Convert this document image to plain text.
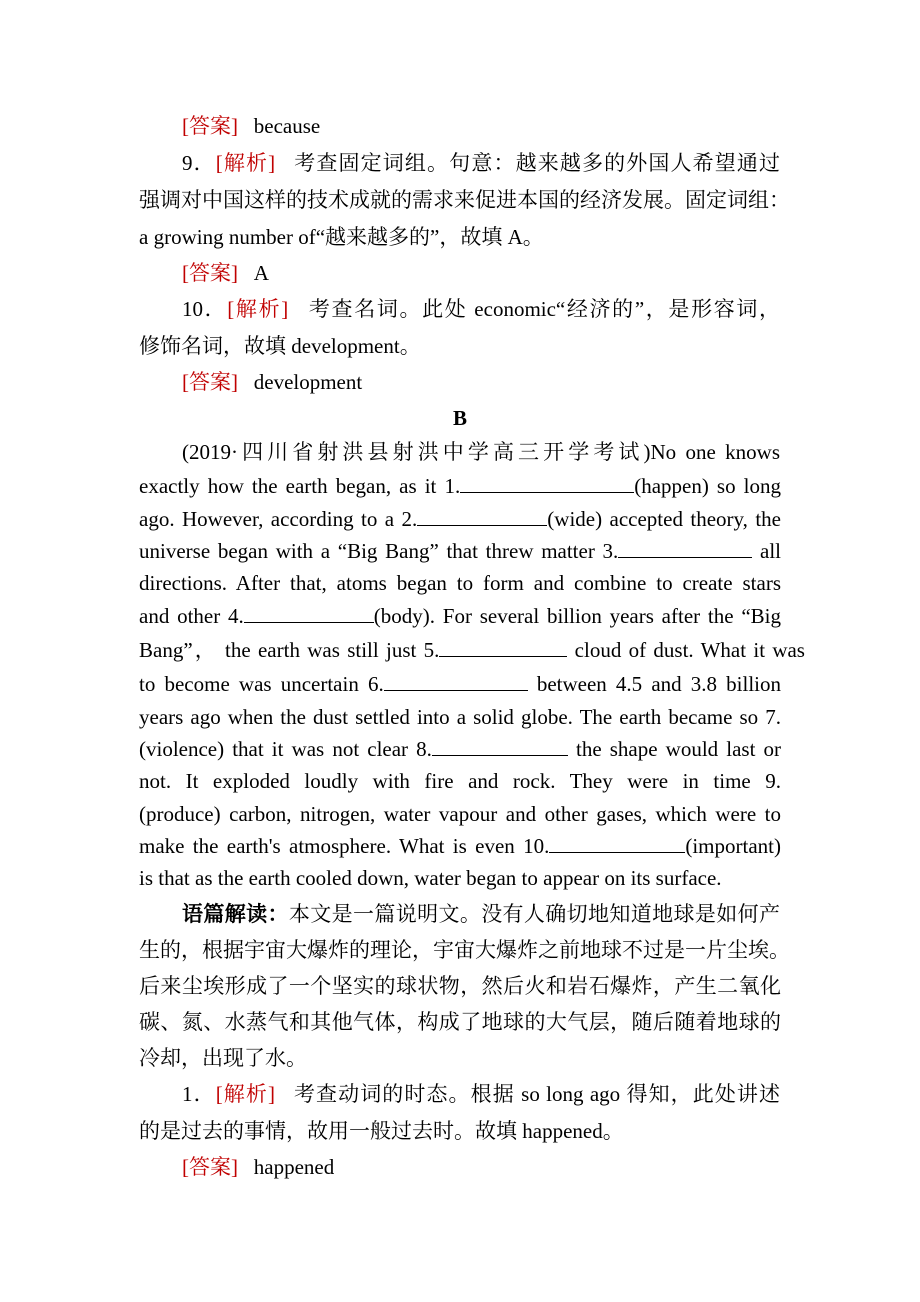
[答案] because
9．[解析] 考查固定词组。句意：越来越多的外国人希望通过
强调对中国这样的技术成就的需求来促进本国的经济发展。固定词组：
a growing number of“越来越多的”，故填 A。
[答案] A
10．[解析] 考查名词。此处 economic“经济的”，是形容词，
修饰名词，故填 development。
[答案] development
B
(2019·四川省射洪县射洪中学高三开学考试)No one knows
exactly how the earth began, as it 1.	(happen) so long
ago. However, according to a 2.	(wide) accepted theory, the
universe began with a “Big Bang” that threw matter 3.	all
directions. After that, atoms began to form and combine to create stars
and other 4.	(body). For several billion years after the “Big
Bang”， the earth was still just 5.	cloud of dust. What it was
to become was uncertain 6.	between 4.5 and 3.8 billion
years ago when the dust settled into a solid globe. The earth became so 7.
(violence) that it was not clear 8.	the shape would last or
not. It exploded loudly with fire and rock. They were in time 9.
(produce) carbon, nitrogen, water vapour and other gases, which were to
make the earth's atmosphere. What is even 10.	(important)
is that as the earth cooled down, water began to appear on its surface.
语篇解读：本文是一篇说明文。没有人确切地知道地球是如何产
生的，根据宇宙大爆炸的理论，宇宙大爆炸之前地球不过是一片尘埃。
后来尘埃形成了一个坚实的球状物，然后火和岩石爆炸，产生二氧化
碳、氮、水蒸气和其他气体，构成了地球的大气层，随后随着地球的
冷却，出现了水。
1．[解析] 考查动词的时态。根据 so long ago 得知，此处讲述
的是过去的事情，故用一般过去时。故填 happened。
[答案] happened
